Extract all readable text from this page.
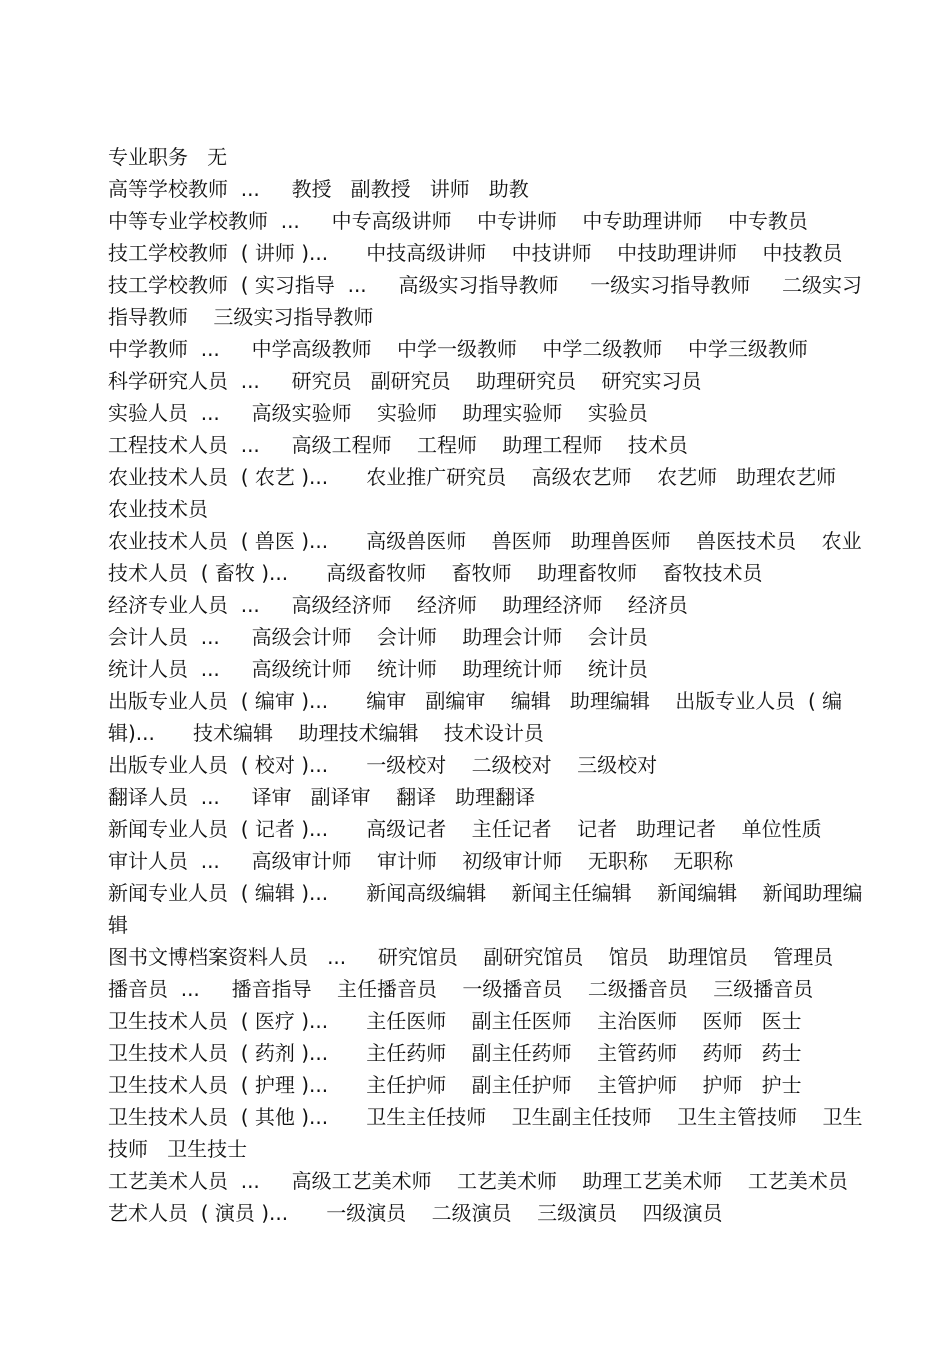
专业职务   无
高等学校教师  ...     教授   副教授   讲师   助教
中等专业学校教师  ...     中专高级讲师    中专讲师    中专助理讲师    中专教员
技工学校教师  ( 讲师 )...      中技高级讲师    中技讲师    中技助理讲师    中技教员
技工学校教师  ( 实习指导  ...     高级实习指导教师     一级实习指导教师     二级实习
指导教师    三级实习指导教师
中学教师  ...     中学高级教师    中学一级教师    中学二级教师    中学三级教师
科学研究人员  ...     研究员   副研究员    助理研究员    研究实习员
实验人员  ...     高级实验师    实验师    助理实验师    实验员
工程技术人员  ...     高级工程师    工程师    助理工程师    技术员
农业技术人员  ( 农艺 )...      农业推广研究员    高级农艺师    农艺师   助理农艺师
农业技术员
农业技术人员  ( 兽医 )...      高级兽医师    兽医师   助理兽医师    兽医技术员    农业
技术人员  ( 畜牧 )...      高级畜牧师    畜牧师    助理畜牧师    畜牧技术员
经济专业人员  ...     高级经济师    经济师    助理经济师    经济员
会计人员  ...     高级会计师    会计师    助理会计师    会计员
统计人员  ...     高级统计师    统计师    助理统计师    统计员
出版专业人员  ( 编审 )...      编审   副编审    编辑   助理编辑    出版专业人员  ( 编
辑)...      技术编辑    助理技术编辑    技术设计员
出版专业人员  ( 校对 )...      一级校对    二级校对    三级校对
翻译人员  ...     译审   副译审    翻译   助理翻译
新闻专业人员  ( 记者 )...      高级记者    主任记者    记者   助理记者    单位性质
审计人员  ...     高级审计师    审计师    初级审计师    无职称    无职称
新闻专业人员  ( 编辑 )...      新闻高级编辑    新闻主任编辑    新闻编辑    新闻助理编
辑
图书文博档案资料人员   ...     研究馆员    副研究馆员    馆员   助理馆员    管理员
播音员  ...     播音指导    主任播音员    一级播音员    二级播音员    三级播音员
卫生技术人员  ( 医疗 )...      主任医师    副主任医师    主治医师    医师   医士
卫生技术人员  ( 药剂 )...      主任药师    副主任药师    主管药师    药师   药士
卫生技术人员  ( 护理 )...      主任护师    副主任护师    主管护师    护师   护士
卫生技术人员  ( 其他 )...      卫生主任技师    卫生副主任技师    卫生主管技师    卫生
技师   卫生技士
工艺美术人员  ...     高级工艺美术师    工艺美术师    助理工艺美术师    工艺美术员
艺术人员  ( 演员 )...      一级演员    二级演员    三级演员    四级演员
